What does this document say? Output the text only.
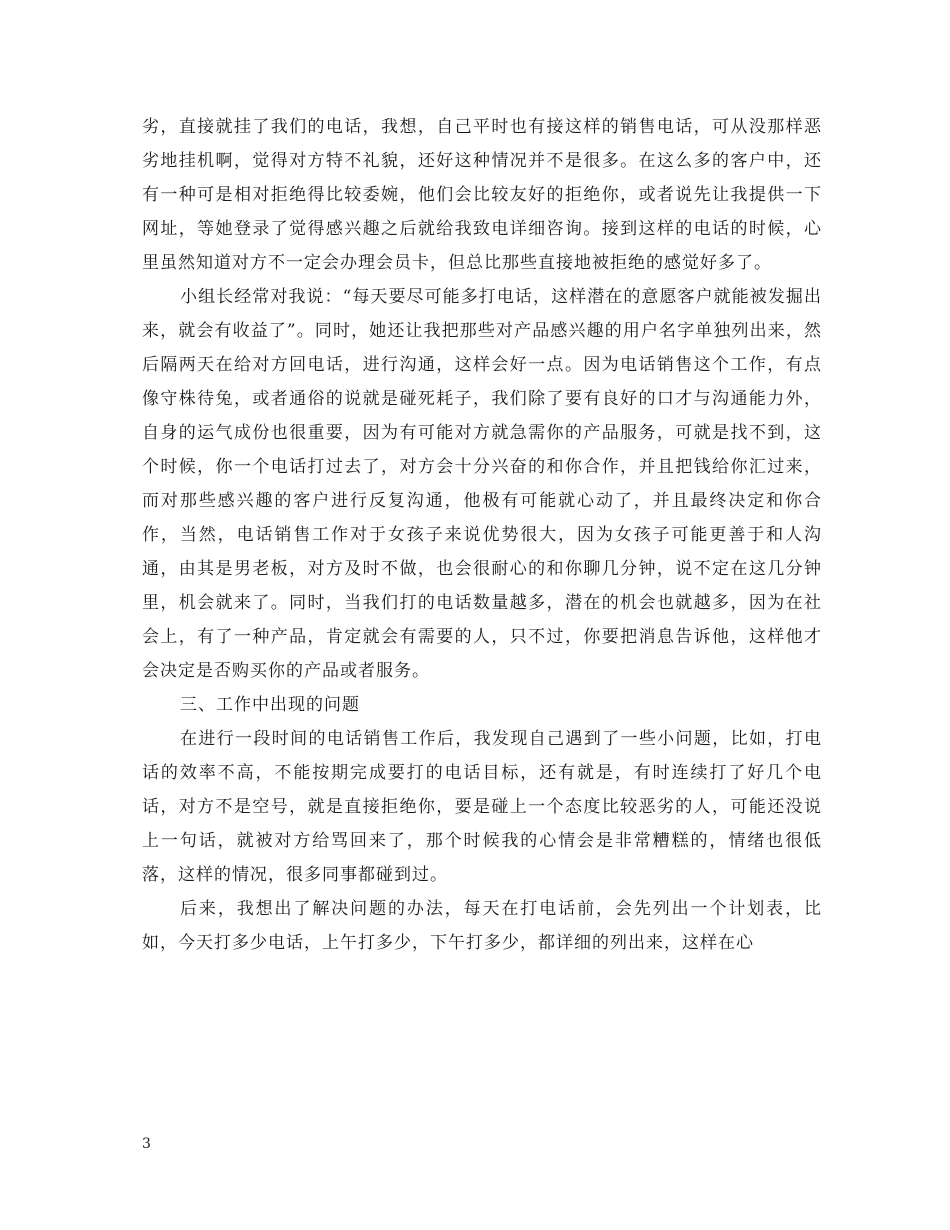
劣，直接就挂了我们的电话，我想，自己平时也有接这样的销售电话，可从没那样恶劣地挂机啊，觉得对方特不礼貌，还好这种情况并不是很多。在这么多的客户中，还有一种可是相对拒绝得比较委婉，他们会比较友好的拒绝你，或者说先让我提供一下网址，等她登录了觉得感兴趣之后就给我致电详细咨询。接到这样的电话的时候，心里虽然知道对方不一定会办理会员卡，但总比那些直接地被拒绝的感觉好多了。

小组长经常对我说：“每天要尽可能多打电话，这样潜在的意愿客户就能被发掘出来，就会有收益了”。同时，她还让我把那些对产品感兴趣的用户名字单独列出来，然后隔两天在给对方回电话，进行沟通，这样会好一点。因为电话销售这个工作，有点像守株待兔，或者通俗的说就是碰死耗子，我们除了要有良好的口才与沟通能力外，自身的运气成份也很重要，因为有可能对方就急需你的产品服务，可就是找不到，这个时候，你一个电话打过去了，对方会十分兴奋的和你合作，并且把钱给你汇过来，而对那些感兴趣的客户进行反复沟通，他极有可能就心动了，并且最终决定和你合作，当然，电话销售工作对于女孩子来说优势很大，因为女孩子可能更善于和人沟通，由其是男老板，对方及时不做，也会很耐心的和你聊几分钟，说不定在这几分钟里，机会就来了。同时，当我们打的电话数量越多，潜在的机会也就越多，因为在社会上，有了一种产品，肯定就会有需要的人，只不过，你要把消息告诉他，这样他才会决定是否购买你的产品或者服务。

三、工作中出现的问题

在进行一段时间的电话销售工作后，我发现自己遇到了一些小问题，比如，打电话的效率不高，不能按期完成要打的电话目标，还有就是，有时连续打了好几个电话，对方不是空号，就是直接拒绝你，要是碰上一个态度比较恶劣的人，可能还没说上一句话，就被对方给骂回来了，那个时候我的心情会是非常糟糕的，情绪也很低落，这样的情况，很多同事都碰到过。

后来，我想出了解决问题的办法，每天在打电话前，会先列出一个计划表，比如，今天打多少电话，上午打多少，下午打多少，都详细的列出来，这样在心

3
